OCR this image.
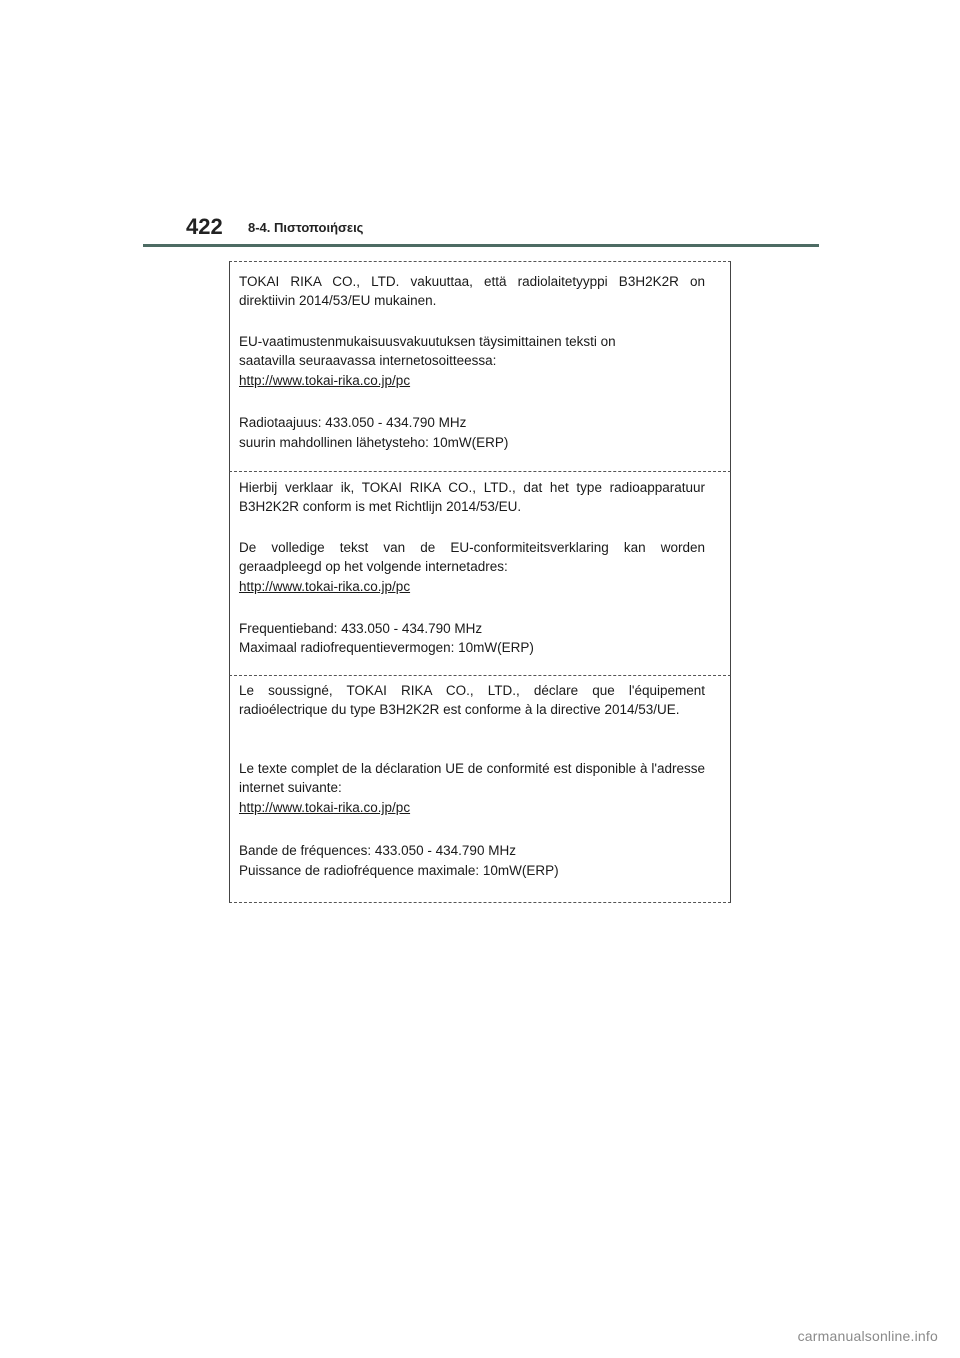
422 8-4. Πιστοποιήσεις
TOKAI RIKA CO., LTD. vakuuttaa, että radiolaitetyyppi B3H2K2R on direktiivin 2014/53/EU mukainen.
EU-vaatimustenmukaisuusvakuutuksen täysimittainen teksti on
saatavilla seuraavassa internetosoitteessa:
http://www.tokai-rika.co.jp/pc
Radiotaajuus: 433.050 - 434.790 MHz
suurin mahdollinen lähetysteho: 10mW(ERP)
Hierbij verklaar ik, TOKAI RIKA CO., LTD., dat het type radioapparatuur B3H2K2R conform is met Richtlijn 2014/53/EU.
De volledige tekst van de EU-conformiteitsverklaring kan worden geraadpleegd op het volgende internetadres:
http://www.tokai-rika.co.jp/pc
Frequentieband: 433.050 - 434.790 MHz
Maximaal radiofrequentievermogen: 10mW(ERP)
Le soussigné, TOKAI RIKA CO., LTD., déclare que l'équipement radioélectrique du type B3H2K2R est conforme à la directive 2014/53/UE.
Le texte complet de la déclaration UE de conformité est disponible à l'adresse internet suivante:
http://www.tokai-rika.co.jp/pc
Bande de fréquences: 433.050 - 434.790 MHz
Puissance de radiofréquence maximale: 10mW(ERP)
carmanualsonline.info
